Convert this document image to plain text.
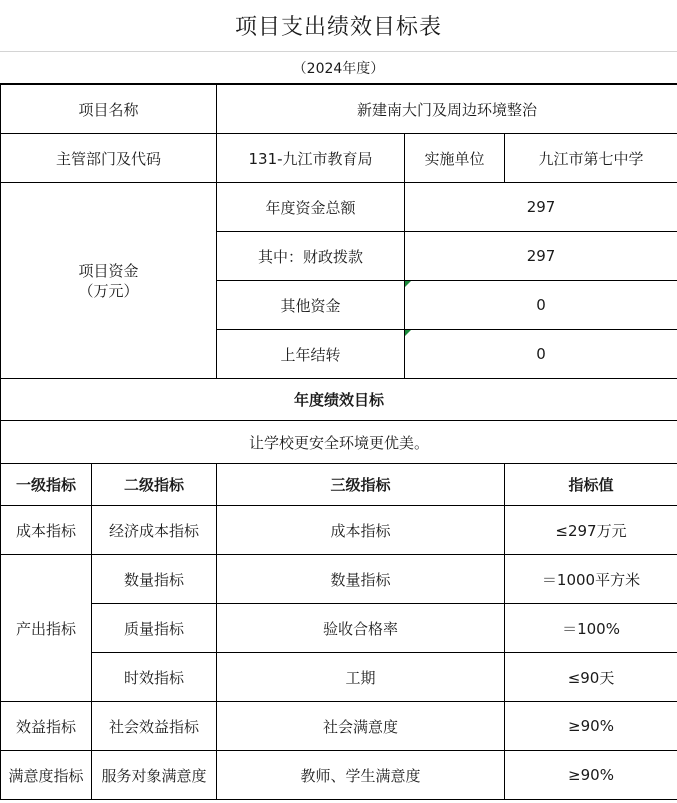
项目支出绩效目标表
（2024年度）
项目名称		新建南大门及周边环境整治		
主管部门及代码		131-九江市教育局	实施单位	九江市第七中学

项目资金
（万元）		年度资金总额	297	
		其中：财政拨款	297	
		其他资金	0	
		上年结转	0	
年度绩效目标				
让学校更安全环境更优美。				
一级指标	二级指标	三级指标		指标值
成本指标	经济成本指标	成本指标		≤297万元
产出指标	数量指标	数量指标		＝1000平方米
	质量指标	验收合格率		＝100%
	时效指标	工期		≤90天
效益指标	社会效益指标	社会满意度		≥90%
满意度指标	服务对象满意度	教师、学生满意度		≥90%
